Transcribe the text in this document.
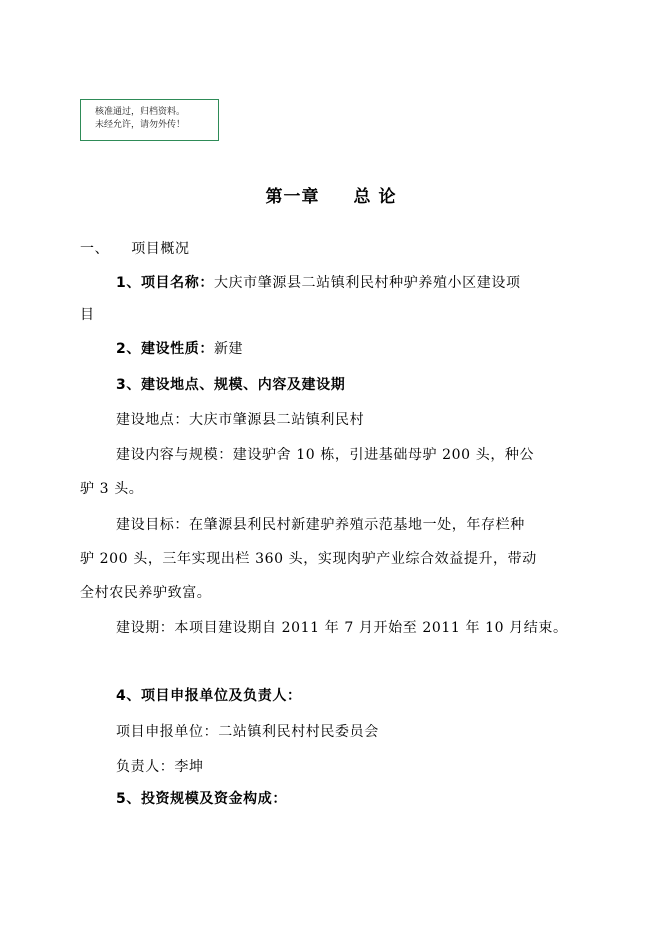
核准通过，归档资料。
未经允许，请勿外传！
第一章 总 论
一、 项目概况
1、项目名称：大庆市肇源县二站镇利民村种驴养殖小区建设项
目
2、建设性质：新建
3、建设地点、规模、内容及建设期
建设地点：大庆市肇源县二站镇利民村
建设内容与规模：建设驴舍 10 栋，引进基础母驴 200 头，种公
驴 3 头。
建设目标：在肇源县利民村新建驴养殖示范基地一处，年存栏种
驴 200 头，三年实现出栏 360 头，实现肉驴产业综合效益提升，带动
全村农民养驴致富。
建设期：本项目建设期自 2011 年 7 月开始至 2011 年 10 月结束。
4、项目申报单位及负责人：
项目申报单位：二站镇利民村村民委员会
负责人：李坤
5、投资规模及资金构成：
